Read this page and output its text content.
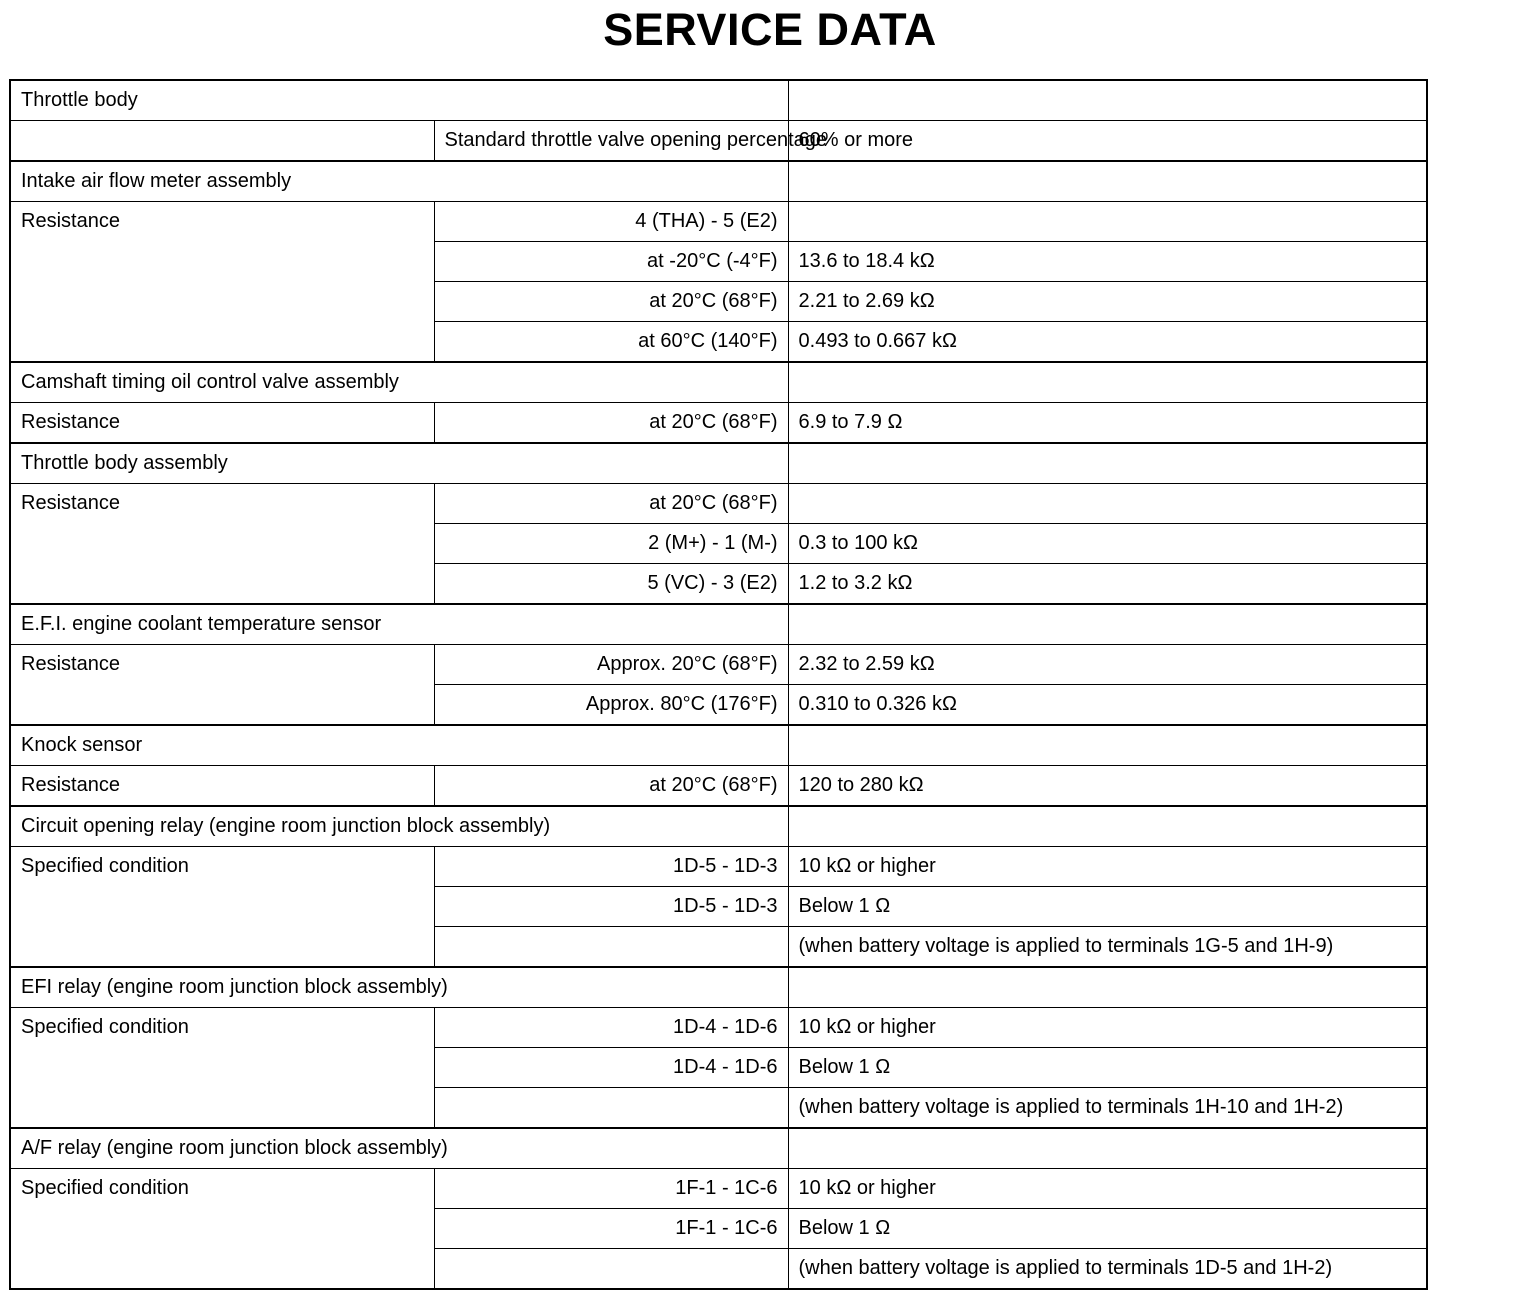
SERVICE DATA
Throttle body		
	Standard throttle valve opening percentage	60% or more
Intake air flow meter assembly		
Resistance	4 (THA) - 5 (E2)	
	at -20°C (-4°F)	13.6 to 18.4 kΩ
	at 20°C (68°F)	2.21 to 2.69 kΩ
	at 60°C (140°F)	0.493 to 0.667 kΩ
Camshaft timing oil control valve assembly		
Resistance	at 20°C (68°F)	6.9 to 7.9 Ω
Throttle body assembly		
Resistance	at 20°C (68°F)	
	2 (M+) - 1 (M-)	0.3 to 100 kΩ
	5 (VC) - 3 (E2)	1.2 to 3.2 kΩ
E.F.I. engine coolant temperature sensor		
Resistance	Approx. 20°C (68°F)	2.32 to 2.59 kΩ
	Approx. 80°C (176°F)	0.310 to 0.326 kΩ
Knock sensor		
Resistance	at 20°C (68°F)	120 to 280 kΩ
Circuit opening relay (engine room junction block assembly)		
Specified condition	1D-5 - 1D-3	10 kΩ or higher
	1D-5 - 1D-3	Below 1 Ω
		(when battery voltage is applied to terminals 1G-5 and 1H-9)
EFI relay (engine room junction block assembly)		
Specified condition	1D-4 - 1D-6	10 kΩ or higher
	1D-4 - 1D-6	Below 1 Ω
		(when battery voltage is applied to terminals 1H-10 and 1H-2)
A/F relay (engine room junction block assembly)		
Specified condition	1F-1 - 1C-6	10 kΩ or higher
	1F-1 - 1C-6	Below 1 Ω
		(when battery voltage is applied to terminals 1D-5 and 1H-2)
